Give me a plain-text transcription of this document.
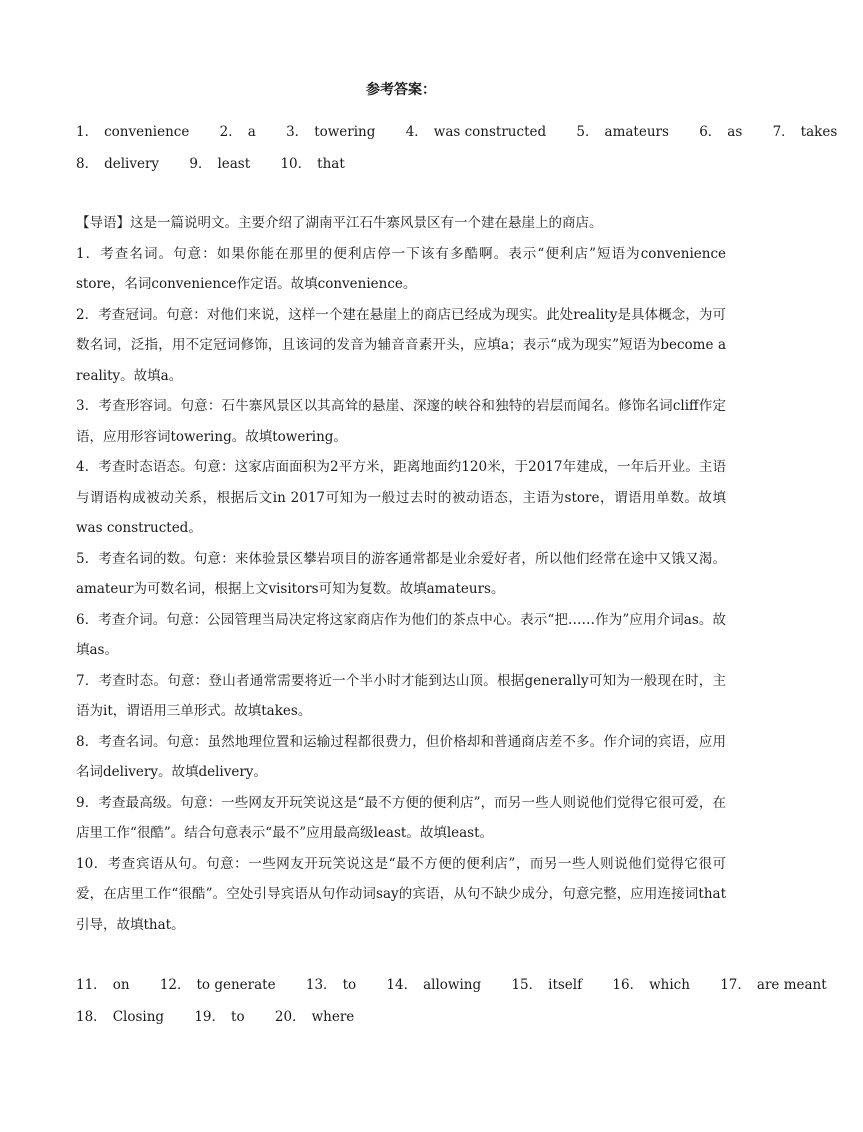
参考答案：
1． convenience 2． a 3． towering 4． was constructed 5． amateurs 6． as 7． takes
8． delivery 9． least 10． that

【导语】这是一篇说明文。主要介绍了湖南平江石牛寨风景区有一个建在悬崖上的商店。

1．考查名词。句意：如果你能在那里的便利店停一下该有多酷啊。表示“便利店”短语为convenience store，名词convenience作定语。故填convenience。

2．考查冠词。句意：对他们来说，这样一个建在悬崖上的商店已经成为现实。此处reality是具体概念，为可数名词，泛指，用不定冠词修饰，且该词的发音为辅音音素开头，应填a；表示“成为现实”短语为become a reality。故填a。

3．考查形容词。句意：石牛寨风景区以其高耸的悬崖、深邃的峡谷和独特的岩层而闻名。修饰名词cliff作定语，应用形容词towering。故填towering。

4．考查时态语态。句意：这家店面面积为2平方米，距离地面约120米，于2017年建成，一年后开业。主语与谓语构成被动关系，根据后文in 2017可知为一般过去时的被动语态，主语为store，谓语用单数。故填was constructed。

5．考查名词的数。句意：来体验景区攀岩项目的游客通常都是业余爱好者，所以他们经常在途中又饿又渴。amateur为可数名词，根据上文visitors可知为复数。故填amateurs。

6．考查介词。句意：公园管理当局决定将这家商店作为他们的茶点中心。表示“把……作为”应用介词as。故填as。

7．考查时态。句意：登山者通常需要将近一个半小时才能到达山顶。根据generally可知为一般现在时，主语为it，谓语用三单形式。故填takes。

8．考查名词。句意：虽然地理位置和运输过程都很费力，但价格却和普通商店差不多。作介词的宾语，应用名词delivery。故填delivery。

9．考查最高级。句意：一些网友开玩笑说这是“最不方便的便利店”，而另一些人则说他们觉得它很可爱，在店里工作“很酷”。结合句意表示“最不”应用最高级least。故填least。

10．考查宾语从句。句意：一些网友开玩笑说这是“最不方便的便利店”，而另一些人则说他们觉得它很可爱，在店里工作“很酷”。空处引导宾语从句作动词say的宾语，从句不缺少成分，句意完整，应用连接词that引导，故填that。

11． on 12． to generate 13． to 14． allowing 15． itself 16． which 17． are meant
18． Closing 19． to 20． where
